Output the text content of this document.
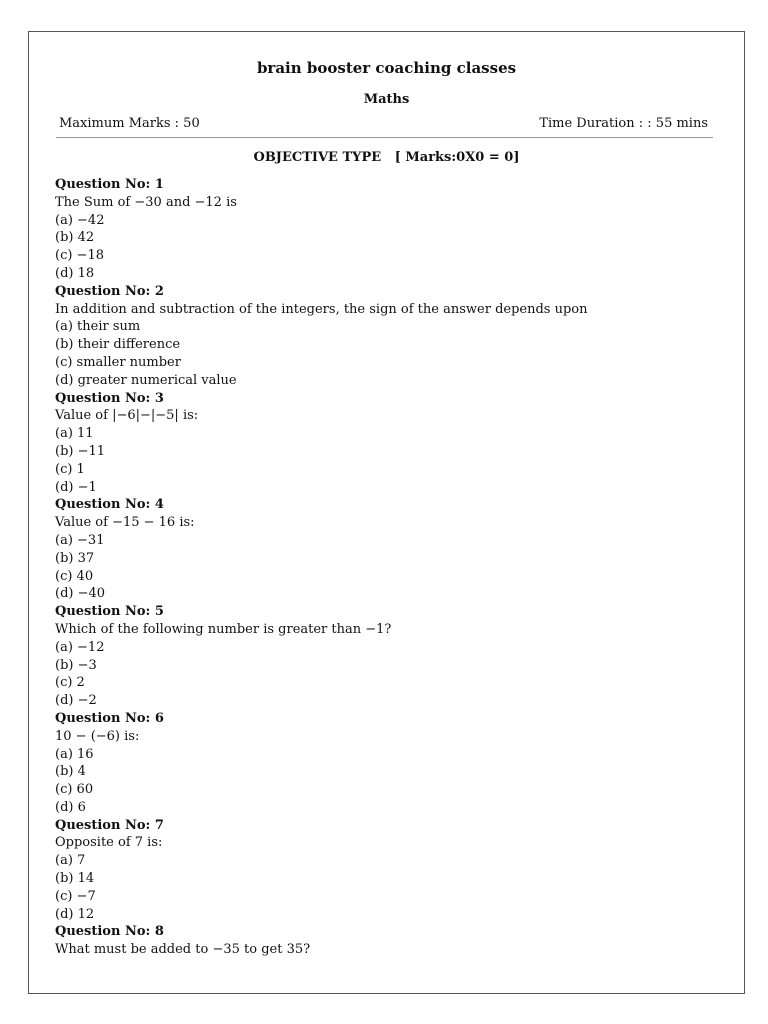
brain booster coaching classes
Maths
Maximum Marks : 50	Time Duration : : 55 mins
OBJECTIVE TYPE   [ Marks:0X0 = 0]
Question No: 1
The Sum of −30 and −12 is
(a) −42
(b) 42
(c) −18
(d) 18
Question No: 2
In addition and subtraction of the integers, the sign of the answer depends upon
(a) their sum
(b) their difference
(c) smaller number
(d) greater numerical value
Question No: 3
Value of |−6|−|−5| is:
(a) 11
(b) −11
(c) 1
(d) −1
Question No: 4
Value of −15 − 16 is:
(a) −31
(b) 37
(c) 40
(d) −40
Question No: 5
Which of the following number is greater than −1?
(a) −12
(b) −3
(c) 2
(d) −2
Question No: 6
10 − (−6) is:
(a) 16
(b) 4
(c) 60
(d) 6
Question No: 7
Opposite of 7 is:
(a) 7
(b) 14
(c) −7
(d) 12
Question No: 8
What must be added to −35 to get 35?
